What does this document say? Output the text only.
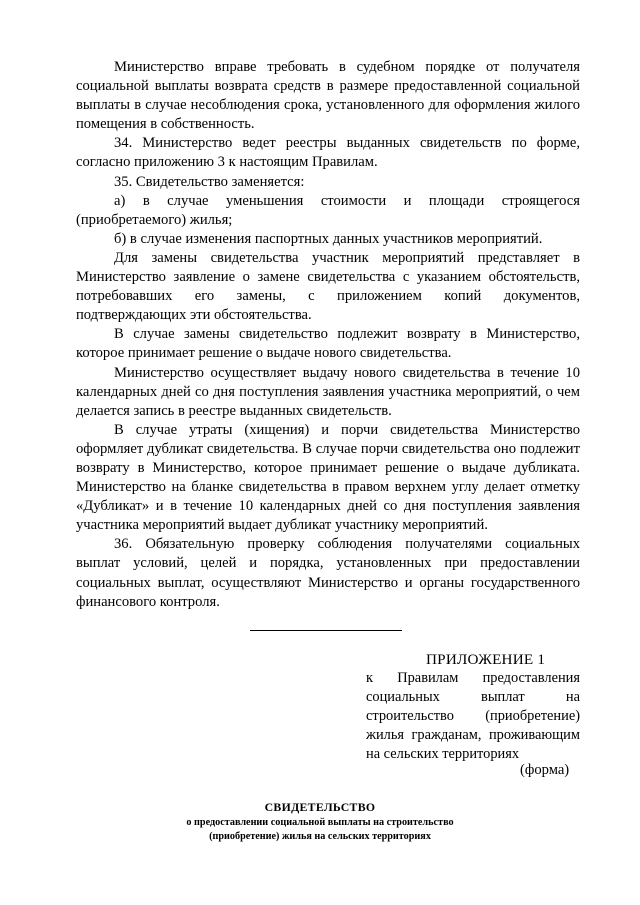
Министерство вправе требовать в судебном порядке от получателя социальной выплаты возврата средств в размере предоставленной социальной выплаты в случае несоблюдения срока, установленного для оформления жилого помещения в собственность.

34. Министерство ведет реестры выданных свидетельств по форме, согласно приложению 3 к настоящим Правилам.

35. Свидетельство заменяется:

а) в случае уменьшения стоимости и площади строящегося (приобретаемого) жилья;

б) в случае изменения паспортных данных участников мероприятий.

Для замены свидетельства участник мероприятий представляет в Министерство заявление о замене свидетельства с указанием обстоятельств, потребовавших его замены, с приложением копий документов, подтверждающих эти обстоятельства.

В случае замены свидетельство подлежит возврату в Министерство, которое принимает решение о выдаче нового свидетельства.

Министерство осуществляет выдачу нового свидетельства в течение 10 календарных дней со дня поступления заявления участника мероприятий, о чем делается запись в реестре выданных свидетельств.

В случае утраты (хищения) и порчи свидетельства Министерство оформляет дубликат свидетельства. В случае порчи свидетельства оно подлежит возврату в Министерство, которое принимает решение о выдаче дубликата. Министерство на бланке свидетельства в правом верхнем углу делает отметку «Дубликат» и в течение 10 календарных дней со дня поступления заявления участника мероприятий выдает дубликат участнику мероприятий.

36. Обязательную проверку соблюдения получателями социальных выплат условий, целей и порядка, установленных при предоставлении социальных выплат, осуществляют Министерство и органы государственного финансового контроля.

ПРИЛОЖЕНИЕ 1

к Правилам предоставления

социальных выплат на

строительство (приобретение)

жилья гражданам, проживающим

на сельских территориях

(форма)
СВИДЕТЕЛЬСТВО
о предоставлении социальной выплаты на строительство
(приобретение) жилья на сельских территориях
